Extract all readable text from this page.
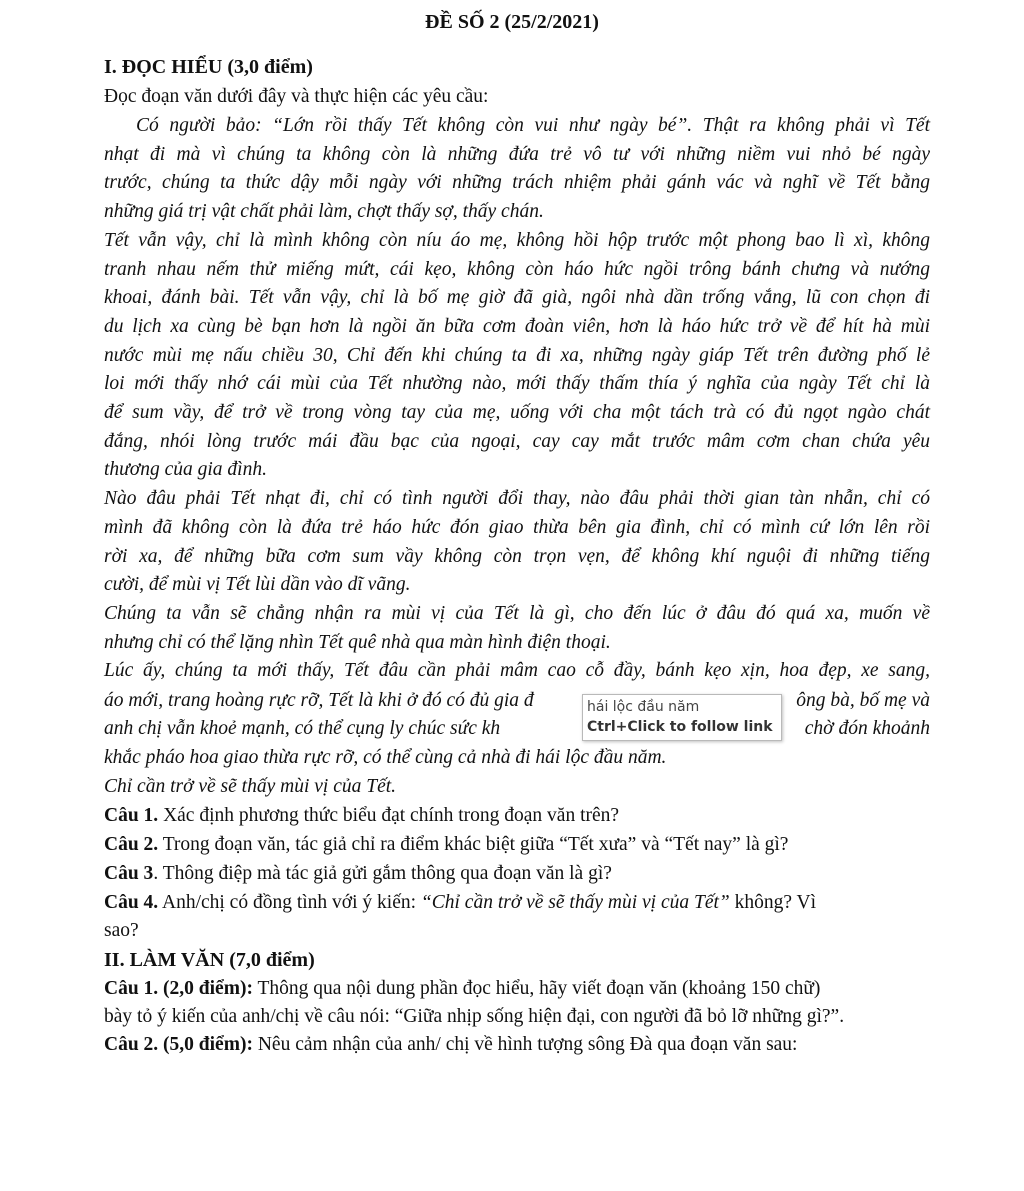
ĐỀ SỐ 2 (25/2/2021)
I. ĐỌC HIỂU (3,0 điểm)
Đọc đoạn văn dưới đây và thực hiện các yêu cầu:
Có người bảo: “Lớn rồi thấy Tết không còn vui như ngày bé”. Thật ra không phải vì Tết
nhạt đi mà vì chúng ta không còn là những đứa trẻ vô tư với những niềm vui nhỏ bé ngày
trước, chúng ta thức dậy mỗi ngày với những trách nhiệm phải gánh vác và nghĩ về Tết bằng
những giá trị vật chất phải làm, chợt thấy sợ, thấy chán.
Tết vẫn vậy, chỉ là mình không còn níu áo mẹ, không hồi hộp trước một phong bao lì xì, không
tranh nhau nếm thử miếng mứt, cái kẹo, không còn háo hức ngồi trông bánh chưng và nướng
khoai, đánh bài. Tết vẫn vậy, chỉ là bố mẹ giờ đã già, ngôi nhà dần trống vắng, lũ con chọn đi
du lịch xa cùng bè bạn hơn là ngồi ăn bữa cơm đoàn viên, hơn là háo hức trở về để hít hà mùi
nước mùi mẹ nấu chiều 30, Chỉ đến khi chúng ta đi xa, những ngày giáp Tết trên đường phố lẻ
loi mới thấy nhớ cái mùi của Tết nhường nào, mới thấy thấm thía ý nghĩa của ngày Tết chỉ là
để sum vầy, để trở về trong vòng tay của mẹ, uống với cha một tách trà có đủ ngọt ngào chát
đắng, nhói lòng trước mái đầu bạc của ngoại, cay cay mắt trước mâm cơm chan chứa yêu
thương của gia đình.
Nào đâu phải Tết nhạt đi, chỉ có tình người đổi thay, nào đâu phải thời gian tàn nhẫn, chỉ có
mình đã không còn là đứa trẻ háo hức đón giao thừa bên gia đình, chỉ có mình cứ lớn lên rồi
rời xa, để những bữa cơm sum vầy không còn trọn vẹn, để không khí nguội đi những tiếng
cười, để mùi vị Tết lùi dần vào dĩ vãng.
Chúng ta vẫn sẽ chẳng nhận ra mùi vị của Tết là gì, cho đến lúc ở đâu đó quá xa, muốn về
nhưng chỉ có thể lặng nhìn Tết quê nhà qua màn hình điện thoại.
Lúc ấy, chúng ta mới thấy, Tết đâu cần phải mâm cao cỗ đầy, bánh kẹo xịn, hoa đẹp, xe sang,
áo mới, trang hoàng rực rỡ, Tết là khi ở đó có đủ gia đ	ông bà, bố mẹ và
anh chị vẫn khoẻ mạnh, có thể cụng ly chúc sức kh	chờ đón khoảnh
khắc pháo hoa giao thừa rực rỡ, có thể cùng cả nhà đi hái lộc đầu năm.
Chỉ cần trở về sẽ thấy mùi vị của Tết.
Câu 1. Xác định phương thức biểu đạt chính trong đoạn văn trên?
Câu 2. Trong đoạn văn, tác giả chỉ ra điểm khác biệt giữa “Tết xưa” và “Tết nay” là gì?
Câu 3. Thông điệp mà tác giả gửi gắm thông qua đoạn văn là gì?
Câu 4. Anh/chị có đồng tình với ý kiến: “Chỉ cần trở về sẽ thấy mùi vị của Tết” không? Vì
sao?
II. LÀM VĂN (7,0 điểm)
Câu 1. (2,0 điểm): Thông qua nội dung phần đọc hiểu, hãy viết đoạn văn (khoảng 150 chữ)
bày tỏ ý kiến của anh/chị về câu nói: “Giữa nhịp sống hiện đại, con người đã bỏ lỡ những gì?”.
Câu 2. (5,0 điểm): Nêu cảm nhận của anh/ chị về hình tượng sông Đà qua đoạn văn sau:
hái lộc đầu năm
Ctrl+Click to follow link
